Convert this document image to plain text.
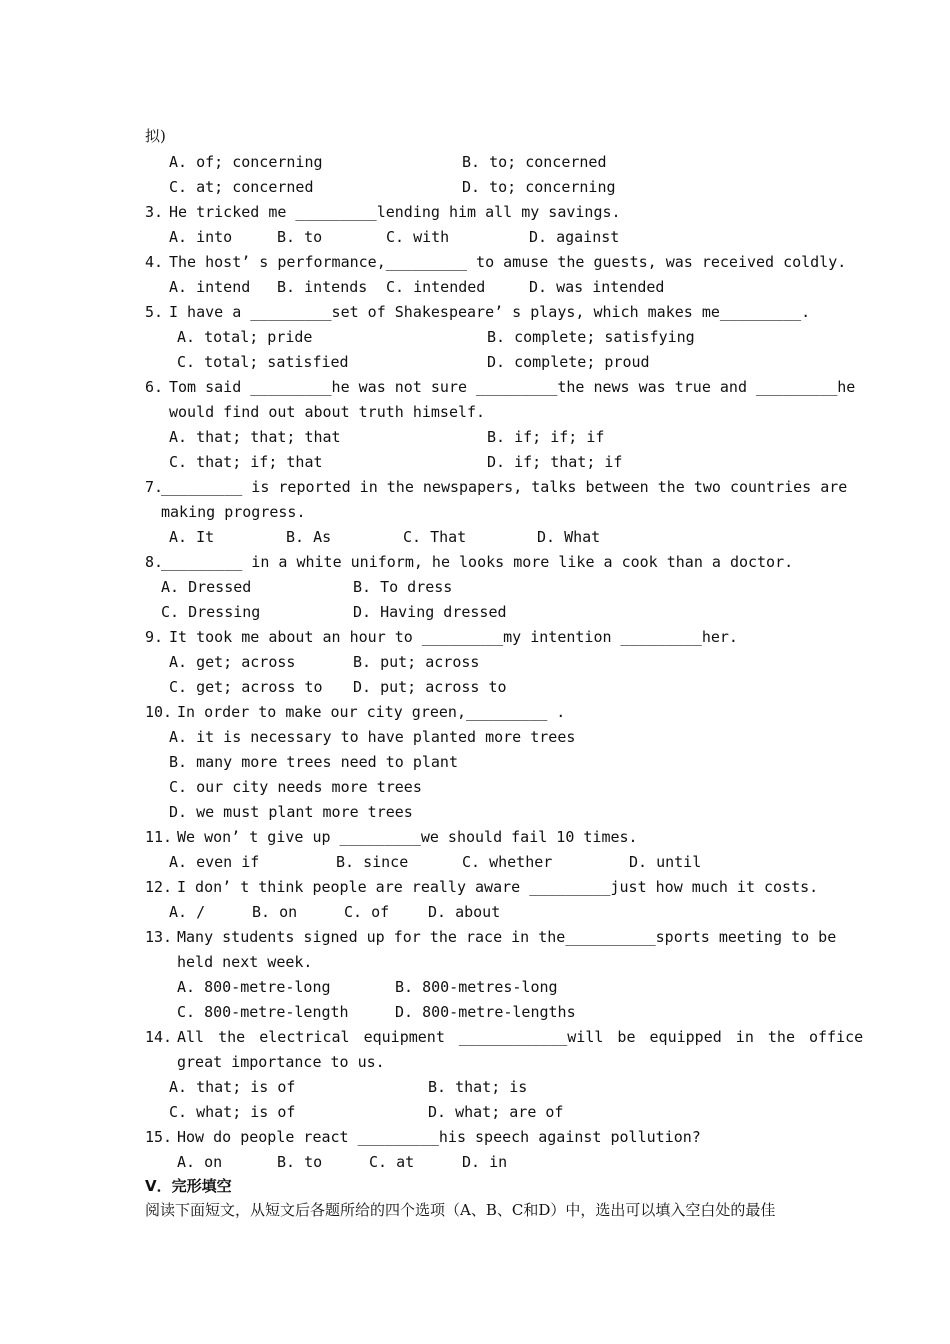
拟)
A. of; concerning	B. to; concerned
C. at; concerned	D. to; concerning
3. He tricked me _________lending him all my savings.
A. into	B. to	C. with	D. against
4. The host’ s performance,_________ to amuse the guests, was received coldly.
A. intend B. intends C. intended	D. was intended
5. I have a _________set of Shakespeare’ s plays, which makes me_________.
A. total; pride	B. complete; satisfying
C. total; satisfied	D. complete; proud
6. Tom said _________he was not sure _________the news was true and _________he
would find out about truth himself.
A. that; that; that	B. if; if; if
C. that; if; that	D. if; that; if
7.
_________ is reported in the newspapers, talks between the two countries are
making progress.
A. It	B. As	C. That	D. What
8.
_________ in a white uniform, he looks more like a cook than a doctor.
A. Dressed	B. To dress
C. Dressing	D. Having dressed
9. It took me about an hour to _________my intention _________her.
A. get; across	B. put; across
C. get; across to D. put; across to
10. In order to make our city green,_________ .
A. it is necessary to have planted more trees
B. many more trees need to plant
C. our city needs more trees
D. we must plant more trees
11. We won’ t give up _________we should fail 10 times.
A. even if	B. since	C. whether	D. until
12. I don’ t think people are really aware _________just how much it costs.
A. /	B. on	C. of	D. about
13. Many students signed up for the race in the__________sports meeting to be
held next week.
A. 800-metre-long	B. 800-metres-long
C. 800-metre-length	D. 800-metre-lengths
14. All the electrical equipment ____________will be equipped in the office
great importance to us.
A. that; is of	B. that; is
C. what; is of	D. what; are of
15. How do people react _________his speech against pollution?
A. on	B. to	C. at	D. in
Ⅴ．完形填空
阅读下面短文，从短文后各题所给的四个选项（A、B、C和D）中，选出可以填入空白处的最佳
